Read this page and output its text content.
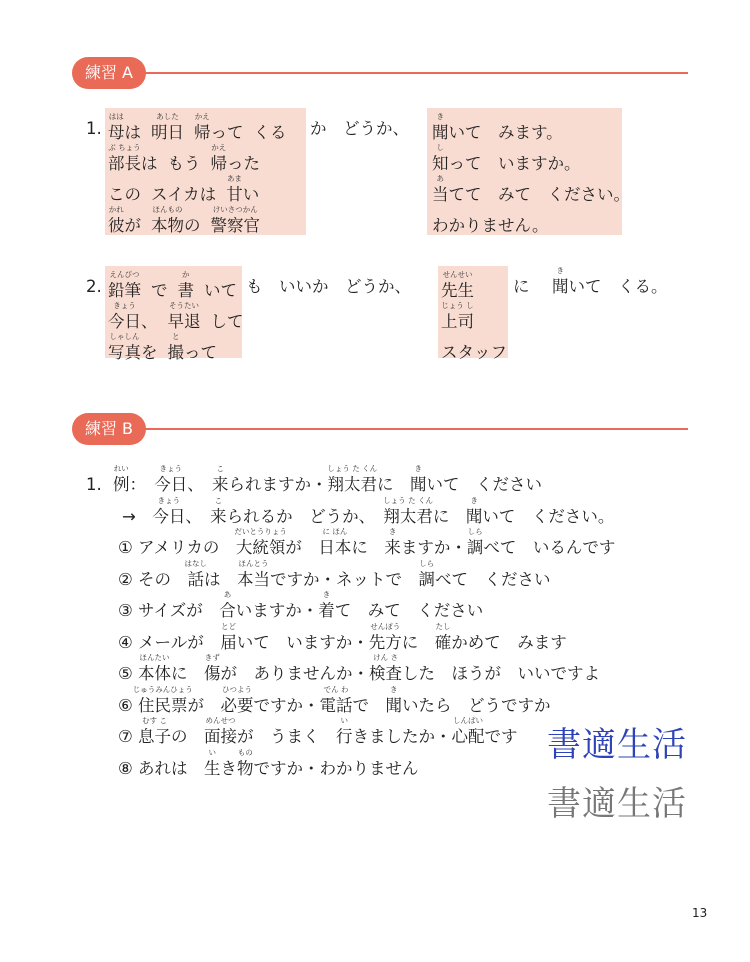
練習 A
1. 母
はは
は 明日
あした
帰
かえ
って くる
部長
ぶ ちょう
は もう 帰
かえ
った
この スイカは 甘
あま
い
彼
かれ
が 本物
ほんもの
の 警察官
けいさつかん
か　どうか、 聞
き
いて　みます。
知
し
って　いますか。
当
あ
てて　みて　ください。
わかりません。
2. 鉛筆
えんぴつ
で 書
か
いて
今日
きょう
、 早退
そうたい
して
写真
しゃしん
を 撮
と
って
も　いいか　どうか、 先生
せんせい
上司
じょう し
スタッフ
に　 聞
き
いて　くる。
練習 B
1. 例
れい
：　 今日
きょう
、　 来
こ
られますか・ 翔太君
しょう た くん
に　 聞
き
いて　ください
→　 今日
きょう
、　 来
こ
られるか　どうか、　 翔太君
しょう た くん
に　 聞
き
いて　ください。
① アメリカの　 大統領
だいとうりょう
が　 日本
に ほん
に　 来
き
ますか・ 調
しら
べて　いるんです
② その　 話
はなし
は　 本当
ほんとう
ですか・ネットで　 調
しら
べて　ください
③ サイズが　 合
あ
いますか・ 着
き
て　みて　ください
④ メールが　 届
とど
いて　いますか・ 先方
せんぽう
に　 確
たし
かめて　みます
⑤ 本体
ほんたい
に　 傷
きず
が　ありませんか・ 検査
けん さ
した　ほうが　いいですよ
⑥ 住民票
じゅうみんひょう
が　 必要
ひつよう
ですか・ 電話
でん わ
で　 聞
き
いたら　どうですか
⑦ 息子
むす こ
の　 面接
めんせつ
が　うまく　 行
い
きましたか・ 心配
しんぱい
です
⑧ あれは　 生
い
き 物
もの
ですか・わかりません
書適生活
書適生活
13
